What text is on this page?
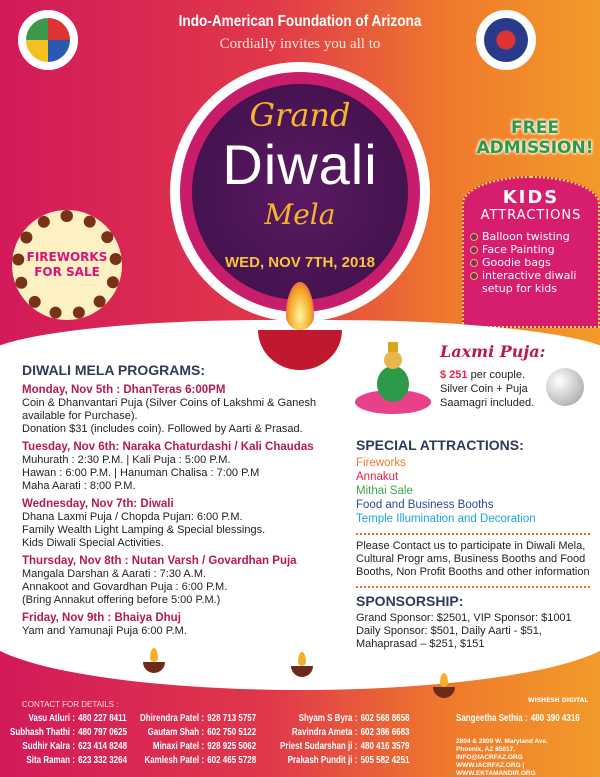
Indo-American Foundation of Arizona
Cordially invites you all to
Grand
Diwali
Mela
WED, NOV 7TH, 2018
FREE
ADMISSION!
KIDS
ATTRACTIONS
Balloon twisting
Face Painting
Goodie bags
interactive diwali setup for kids
FIREWORKS
FOR SALE
DIWALI MELA PROGRAMS:
Monday, Nov 5th : DhanTeras 6:00PM
Coin & Dhanvantari Puja (Silver Coins of Lakshmi & Ganesh available for Purchase).
Donation $31 (includes coin). Followed by Aarti & Prasad.
Tuesday, Nov 6th: Naraka Chaturdashi / Kali Chaudas
Muhurath : 2:30 P.M. | Kali Puja : 5:00 P.M.
Hawan : 6:00 P.M. | Hanuman Chalisa : 7:00 P.M
Maha Aarati : 8:00 P.M.
Wednesday, Nov 7th: Diwali
Dhana Laxmi Puja / Chopda Pujan: 6:00 P.M.
Family Wealth Light Lamping & Special blessings.
Kids Diwali Special Activities.
Thursday, Nov 8th : Nutan Varsh / Govardhan Puja
Mangala Darshan & Aarati : 7:30 A.M.
Annakoot and Govardhan Puja : 6:00 P.M.
(Bring Annakut offering before 5:00 P.M.)
Friday, Nov 9th : Bhaiya Dhuj
Yam and Yamunaji Puja 6:00 P.M.
Laxmi Puja:
$ 251 per couple.
Silver Coin + Puja
Saamagri included.
SPECIAL ATTRACTIONS:
Fireworks
Annakut
Mithai Sale
Food and Business Booths
Temple Illumination and Decoration
Please Contact us to participate in Diwali Mela, Cultural Progr ams, Business Booths and Food Booths, Non Profit Booths and other information
SPONSORSHIP:
Grand Sponsor: $2501, VIP Sponsor: $1001
Daily Sponsor: $501, Daily Aarti - $51,
Mahaprasad – $251, $151
CONTACT FOR DETAILS :
Vasu Atluri : 480 227 8411
Subhash Thathi : 480 797 0625
Sudhir Kalra : 623 414 8248
Sita Raman : 623 332 3264
Dhirendra Patel : 928 713 5757
Gautam Shah : 602 750 5122
Minaxi Patel : 928 925 5062
Kamlesh Patel : 602 465 5728
Shyam S Byra : 602 568 8658
Ravindra Ameta : 602 386 6683
Priest Sudarshan ji : 480 416 3579
Prakash Pundit ji : 505 582 4251
Sangeetha Sethia : 480 390 4316
2804 & 2809 W. Maryland Ave.
Phoenix, AZ 85017.
INFO@IACRFAZ.ORG
WWW.IACRFAZ.ORG | WWW.EKTAMANDIR.ORG
WISHESH DIGITAL
